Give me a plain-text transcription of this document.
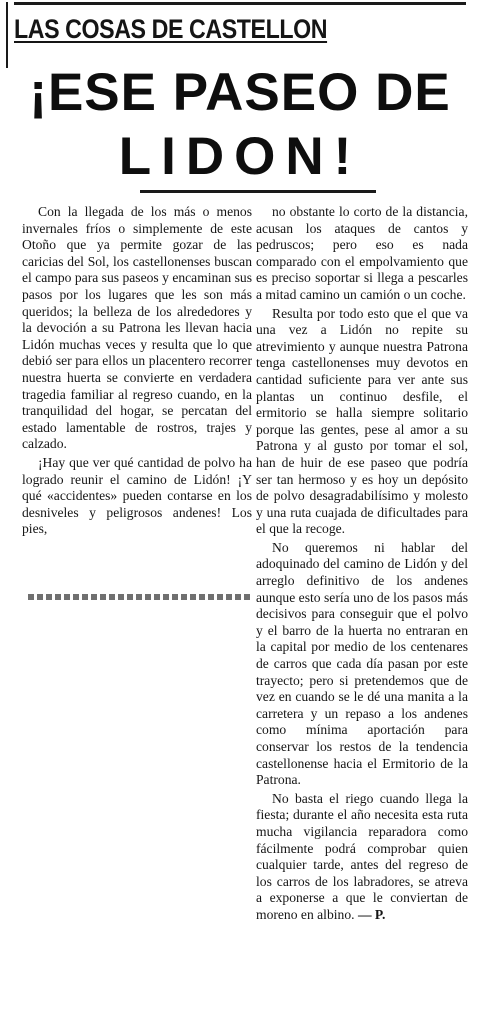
LAS COSAS DE CASTELLON
¡ESE PASEO DE
LIDON!

Con la llegada de los más o menos invernales fríos o simplemente de este Otoño que ya permite gozar de las caricias del Sol, los castellonenses buscan el campo para sus paseos y encaminan sus pasos por los lugares que les son más queridos; la belleza de los alrededores y la devoción a su Patrona les llevan hacia Lidón muchas veces y resulta que lo que debió ser para ellos un placentero recorrer nuestra huerta se convierte en verdadera tragedia familiar al regreso cuando, en la tranquilidad del hogar, se percatan del estado lamentable de rostros, trajes y calzado.

¡Hay que ver qué cantidad de polvo ha logrado reunir el camino de Lidón! ¡Y qué «accidentes» pueden contarse en los desniveles y peligrosos andenes! Los pies,

no obstante lo corto de la distancia, acusan los ataques de cantos y pedruscos; pero eso es nada comparado con el empolvamiento que es preciso soportar si llega a pescarles a mitad camino un camión o un coche.

Resulta por todo esto que el que va una vez a Lidón no repite su atrevimiento y aunque nuestra Patrona tenga castellonenses muy devotos en cantidad suficiente para ver ante sus plantas un continuo desfile, el ermitorio se halla siempre solitario porque las gentes, pese al amor a su Patrona y al gusto por tomar el sol, han de huir de ese paseo que podría ser tan hermoso y es hoy un depósito de polvo desagradabilísimo y molesto y una ruta cuajada de dificultades para el que la recoge.

No queremos ni hablar del adoquinado del camino de Lidón y del arreglo definitivo de los andenes aunque esto sería uno de los pasos más decisivos para conseguir que el polvo y el barro de la huerta no entraran en la capital por medio de los centenares de carros que cada día pasan por este trayecto; pero si pretendemos que de vez en cuando se le dé una manita a la carretera y un repaso a los andenes como mínima aportación para conservar los restos de la tendencia castellonense hacia el Ermitorio de la Patrona.

No basta el riego cuando llega la fiesta; durante el año necesita esta ruta mucha vigilancia reparadora como fácilmente podrá comprobar quien cualquier tarde, antes del regreso de los carros de los labradores, se atreva a exponerse a que le conviertan de moreno en albino. — P.
